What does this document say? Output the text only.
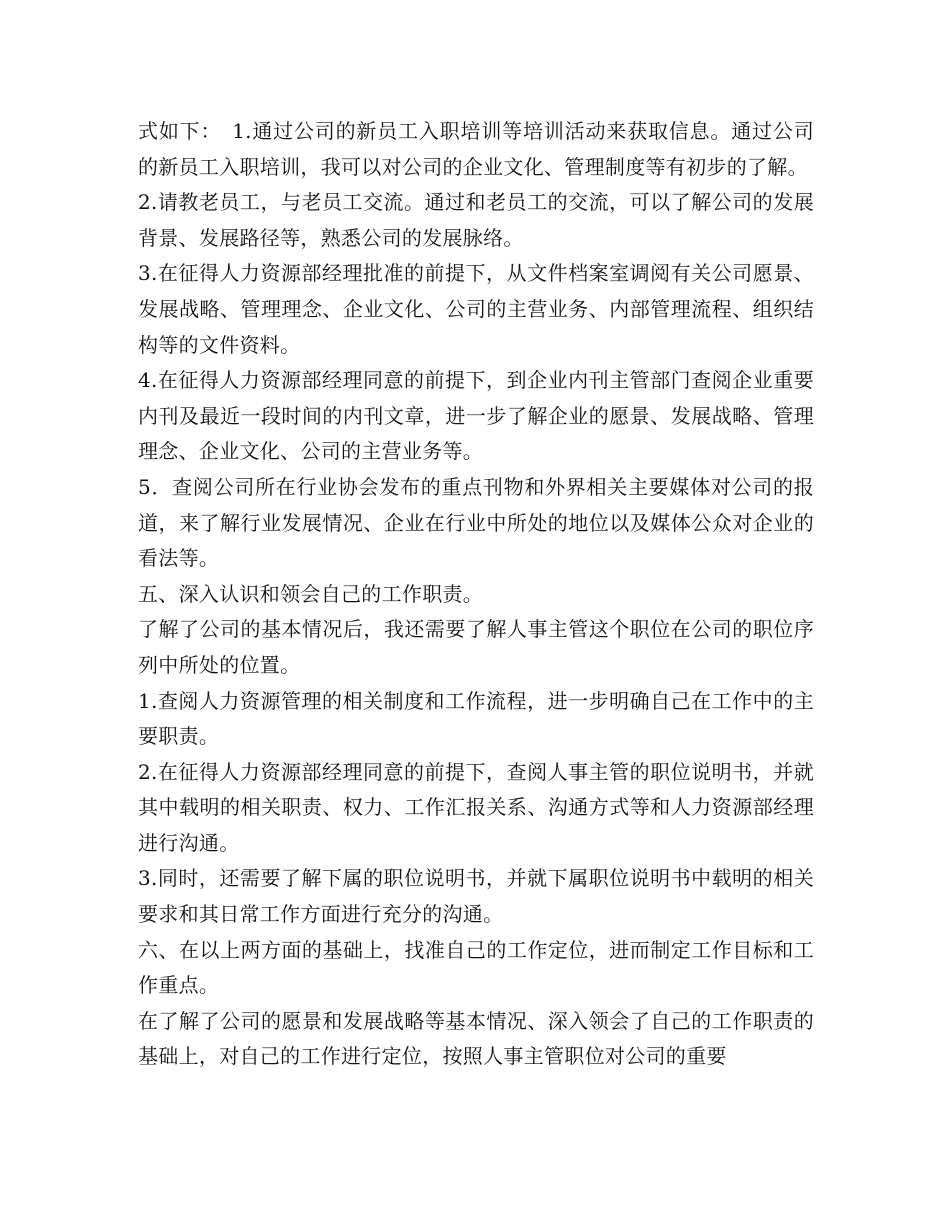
式如下：　1.通过公司的新员工入职培训等培训活动来获取信息。通过公司的新员工入职培训，我可以对公司的企业文化、管理制度等有初步的了解。

2.请教老员工，与老员工交流。通过和老员工的交流，可以了解公司的发展背景、发展路径等，熟悉公司的发展脉络。

3.在征得人力资源部经理批准的前提下，从文件档案室调阅有关公司愿景、发展战略、管理理念、企业文化、公司的主营业务、内部管理流程、组织结构等的文件资料。

4.在征得人力资源部经理同意的前提下，到企业内刊主管部门查阅企业重要内刊及最近一段时间的内刊文章，进一步了解企业的愿景、发展战略、管理理念、企业文化、公司的主营业务等。

5．查阅公司所在行业协会发布的重点刊物和外界相关主要媒体对公司的报道，来了解行业发展情况、企业在行业中所处的地位以及媒体公众对企业的看法等。

五、深入认识和领会自己的工作职责。

了解了公司的基本情况后，我还需要了解人事主管这个职位在公司的职位序列中所处的位置。

1.查阅人力资源管理的相关制度和工作流程，进一步明确自己在工作中的主要职责。

2.在征得人力资源部经理同意的前提下，查阅人事主管的职位说明书，并就其中载明的相关职责、权力、工作汇报关系、沟通方式等和人力资源部经理进行沟通。

3.同时，还需要了解下属的职位说明书，并就下属职位说明书中载明的相关要求和其日常工作方面进行充分的沟通。

六、在以上两方面的基础上，找准自己的工作定位，进而制定工作目标和工作重点。

在了解了公司的愿景和发展战略等基本情况、深入领会了自己的工作职责的基础上，对自己的工作进行定位，按照人事主管职位对公司的重要
